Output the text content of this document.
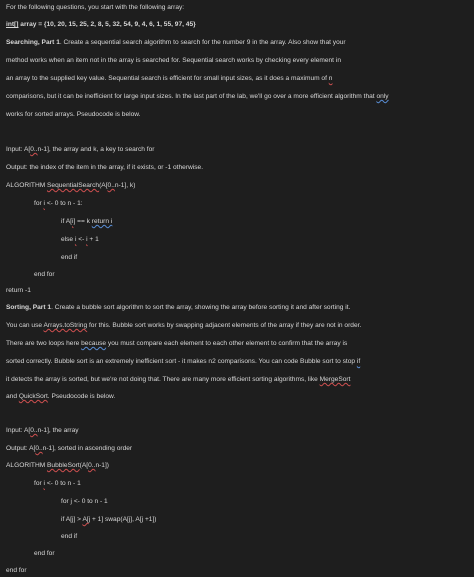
For the following questions, you start with the following array:
int[] array = {10, 20, 15, 25, 2, 8, 5, 32, 54, 9, 4, 6, 1, 55, 97, 45}
Searching, Part 1. Create a sequential search algorithm to search for the number 9 in the array. Also show that your
method works when an item not in the array is searched for. Sequential search works by checking every element in
an array to the supplied key value. Sequential search is efficient for small input sizes, as it does a maximum of n
comparisons, but it can be inefficient for large input sizes. In the last part of the lab, we'll go over a more efficient algorithm that only
works for sorted arrays. Pseudocode is below.
Input: A[0..n-1], the array and k, a key to search for
Output: the index of the item in the array, if it exists, or -1 otherwise.
ALGORITHM SequentialSearch(A[0..n-1], k)
for i <- 0 to n - 1:
if A[i] == k return i
else i <- i + 1
end if
end for
return -1
Sorting, Part 1. Create a bubble sort algorithm to sort the array, showing the array before sorting it and after sorting it.
You can use Arrays.toString for this. Bubble sort works by swapping adjacent elements of the array if they are not in order.
There are two loops here because you must compare each element to each other element to confirm that the array is
sorted correctly. Bubble sort is an extremely inefficient sort - it makes n2 comparisons. You can code Bubble sort to stop if
it detects the array is sorted, but we're not doing that. There are many more efficient sorting algorithms, like MergeSort
and QuickSort. Pseudocode is below.
Input: A[0..n-1], the array
Output: A[0..n-1], sorted in ascending order
ALGORITHM BubbleSort(A[0..n-1])
for i <- 0 to n - 1
for j <- 0 to n - 1
if A[j] > A[j + 1] swap(A[j], A[j +1])
end if
end for
end for
